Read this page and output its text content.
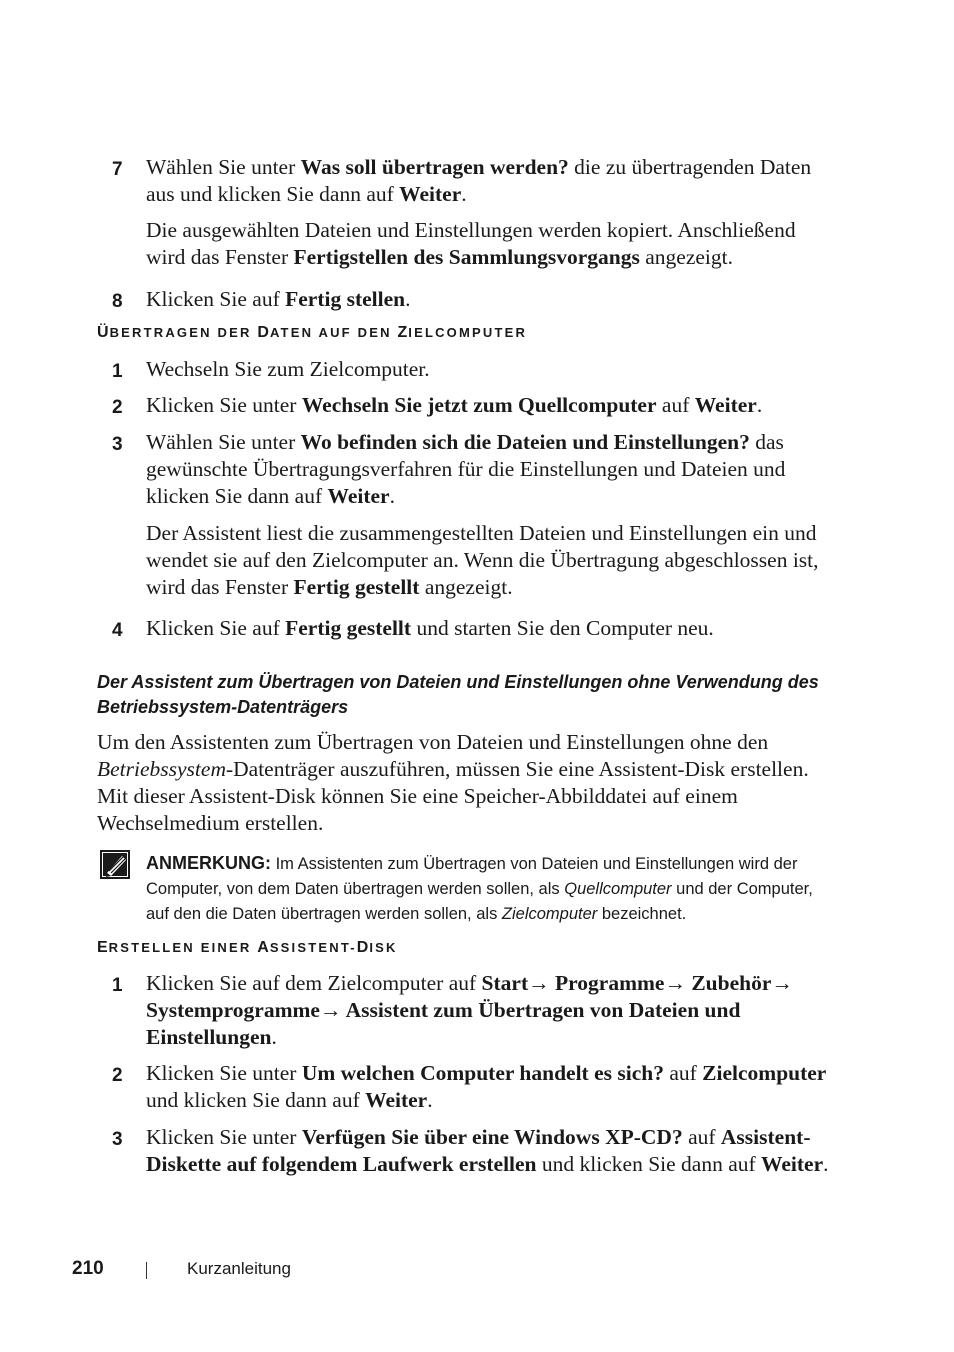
7 Wählen Sie unter Was soll übertragen werden? die zu übertragenden Daten aus und klicken Sie dann auf Weiter.
Die ausgewählten Dateien und Einstellungen werden kopiert. Anschließend wird das Fenster Fertigstellen des Sammlungsvorgangs angezeigt.
8 Klicken Sie auf Fertig stellen.
ÜBERTRAGEN DER DATEN AUF DEN ZIELCOMPUTER
1 Wechseln Sie zum Zielcomputer.
2 Klicken Sie unter Wechseln Sie jetzt zum Quellcomputer auf Weiter.
3 Wählen Sie unter Wo befinden sich die Dateien und Einstellungen? das gewünschte Übertragungsverfahren für die Einstellungen und Dateien und klicken Sie dann auf Weiter.
Der Assistent liest die zusammengestellten Dateien und Einstellungen ein und wendet sie auf den Zielcomputer an. Wenn die Übertragung abgeschlossen ist, wird das Fenster Fertig gestellt angezeigt.
4 Klicken Sie auf Fertig gestellt und starten Sie den Computer neu.
Der Assistent zum Übertragen von Dateien und Einstellungen ohne Verwendung des Betriebssystem-Datenträgers
Um den Assistenten zum Übertragen von Dateien und Einstellungen ohne den Betriebssystem-Datenträger auszuführen, müssen Sie eine Assistent-Disk erstellen. Mit dieser Assistent-Disk können Sie eine Speicher-Abbilddatei auf einem Wechselmedium erstellen.
ANMERKUNG: Im Assistenten zum Übertragen von Dateien und Einstellungen wird der Computer, von dem Daten übertragen werden sollen, als Quellcomputer und der Computer, auf den die Daten übertragen werden sollen, als Zielcomputer bezeichnet.
ERSTELLEN EINER ASSISTENT-DISK
1 Klicken Sie auf dem Zielcomputer auf Start→ Programme→ Zubehör→ Systemprogramme→ Assistent zum Übertragen von Dateien und Einstellungen.
2 Klicken Sie unter Um welchen Computer handelt es sich? auf Zielcomputer und klicken Sie dann auf Weiter.
3 Klicken Sie unter Verfügen Sie über eine Windows XP-CD? auf Assistent-Diskette auf folgendem Laufwerk erstellen und klicken Sie dann auf Weiter.
210	Kurzanleitung
